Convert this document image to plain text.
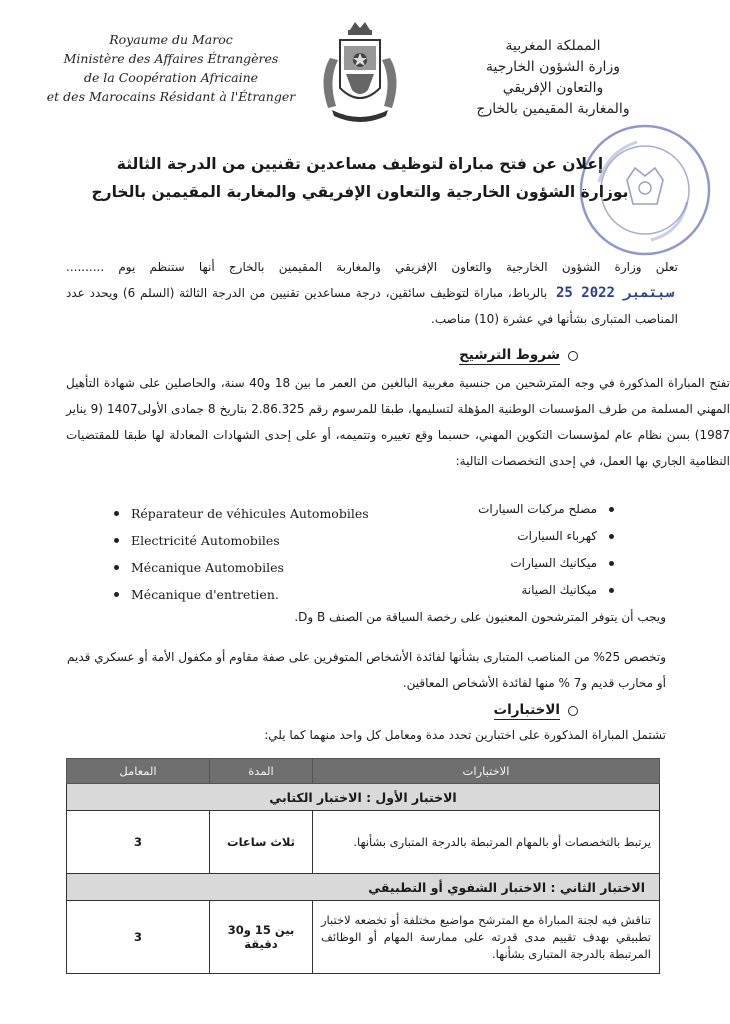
Royaume du Maroc
Ministère des Affaires Étrangères
de la Coopération Africaine
et des Marocains Résidant à l'Étranger
المملكة المغربية
وزارة الشؤون الخارجية
والتعاون الإفريقي
والمغاربة المقيمين بالخارج
إعلان عن فتح مباراة لتوظيف مساعدين تقنيين من الدرجة الثالثة
بوزارة الشؤون الخارجية والتعاون الإفريقي والمغاربة المقيمين بالخارج
تعلن وزارة الشؤون الخارجية والتعاون الإفريقي والمغاربة المقيمين بالخارج أنها ستنظم يوم .......... 25 سبتمبر 2022 بالرباط، مباراة لتوظيف سائقين، درجة مساعدين تقنيين من الدرجة الثالثة (السلم 6) ويحدد عدد المناصب المتبارى بشأنها في عشرة (10) مناصب.
شروط الترشيح
تفتح المباراة المذكورة في وجه المترشحين من جنسية مغربية البالغين من العمر ما بين 18 و40 سنة، والحاصلين على شهادة التأهيل المهني المسلمة من طرف المؤسسات الوطنية المؤهلة لتسليمها، طبقا للمرسوم رقم 2.86.325 بتاريخ 8 جمادى الأولى1407 (9 يناير 1987) بسن نظام عام لمؤسسات التكوين المهني، حسبما وقع تغييره وتتميمه، أو على إحدى الشهادات المعادلة لها طبقا للمقتضيات النظامية الجاري بها العمل، في إحدى التخصصات التالية:
مصلح مركبات السيارات
Réparateur de véhicules Automobiles
كهرباء السيارات
Electricité Automobiles
ميكانيك السيارات
Mécanique Automobiles
ميكانيك الصيانة
Mécanique d'entretien.
ويجب أن يتوفر المترشحون المعنيون على رخصة السياقة من الصنف B وD.
وتخصص 25% من المناصب المتبارى بشأنها لفائدة الأشخاص المتوفرين على صفة مقاوم أو مكفول الأمة أو عسكري قديم أو محارب قديم و7 % منها لفائدة الأشخاص المعاقين.
الاختبارات
تشتمل المباراة المذكورة على اختبارين تحدد مدة ومعامل كل واحد منهما كما يلي:
الاختبارات	المدة	المعامل
الاختبار الأول : الاختبار الكتابي		
يرتبط بالتخصصات أو بالمهام المرتبطة بالدرجة المتبارى بشأنها.	ثلاث ساعات	3
الاختبار الثاني : الاختبار الشفوي أو التطبيقي		
تناقش فيه لجنة المباراة مع المترشح مواضيع مختلفة أو تخضعه لاختبار تطبيقي بهدف تقييم مدى قدرته على ممارسة المهام أو الوظائف المرتبطة بالدرجة المتبارى بشأنها.	بين 15 و30 دقيقة	3
